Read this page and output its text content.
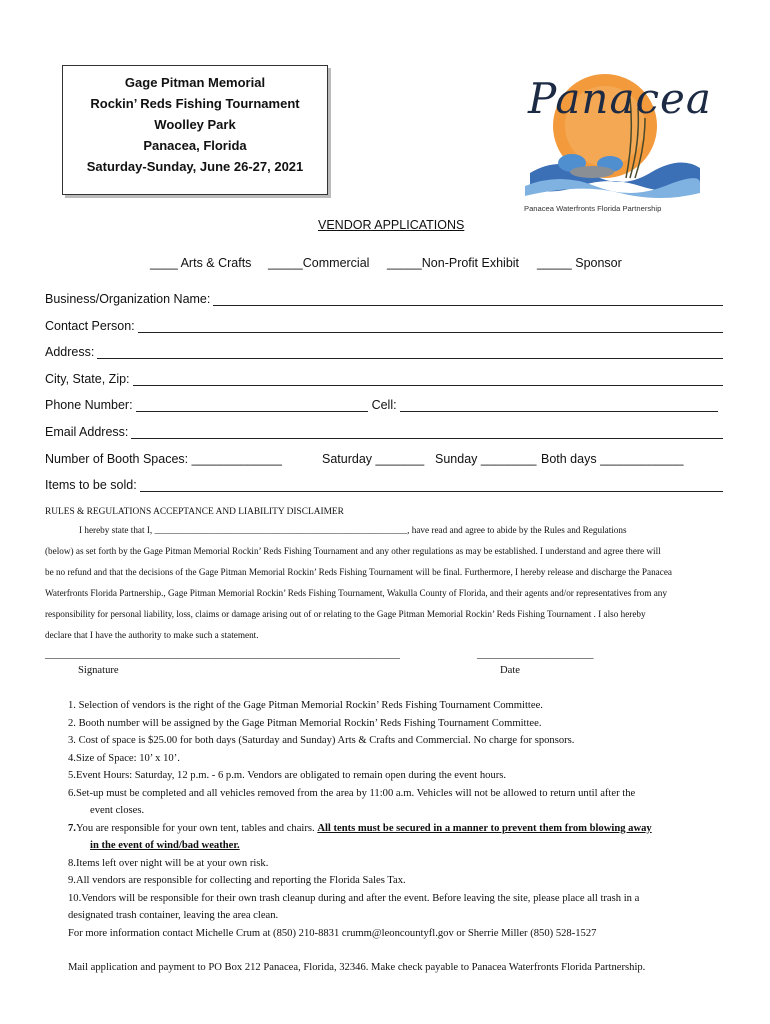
Gage Pitman Memorial
Rockin’ Reds Fishing Tournament
Woolley Park
Panacea, Florida
Saturday-Sunday, June 26-27, 2021
Panacea
Panacea Waterfronts Florida Partnership
VENDOR APPLICATIONS
____ Arts & Crafts _____Commercial _____Non-Profit Exhibit _____ Sponsor
Business/Organization Name:
Contact Person:
Address:
City, State, Zip:
Phone Number:	Cell:
Email Address:
Number of Booth Spaces: _____________	Saturday _______ Sunday ________ Both days ____________
Items to be sold:
RULES & REGULATIONS ACCEPTANCE AND LIABILITY DISCLAIMER
I hereby state that I, _______________________________________________________, have read and agree to abide by the Rules and Regulations
(below) as set forth by the Gage Pitman Memorial Rockin’ Reds Fishing Tournament and any other regulations as may be established. I understand and agree there will
be no refund and that the decisions of the Gage Pitman Memorial Rockin’ Reds Fishing Tournament will be final. Furthermore, I hereby release and discharge the Panacea
Waterfronts Florida Partnership., Gage Pitman Memorial Rockin’ Reds Fishing Tournament, Wakulla County of Florida, and their agents and/or representatives from any
responsibility for personal liability, loss, claims or damage arising out of or relating to the Gage Pitman Memorial Rockin’ Reds Fishing Tournament . I also hereby
declare that I have the authority to make such a statement.
___________________________________________________________________	______________________
Signature	Date
1. Selection of vendors is the right of the Gage Pitman Memorial Rockin’ Reds Fishing Tournament Committee.
2. Booth number will be assigned by the Gage Pitman Memorial Rockin’ Reds Fishing Tournament Committee.
3. Cost of space is $25.00 for both days (Saturday and Sunday) Arts & Crafts and Commercial. No charge for sponsors.
4.Size of Space: 10’ x 10’.
5.Event Hours: Saturday, 12 p.m. - 6 p.m. Vendors are obligated to remain open during the event hours.
6.Set-up must be completed and all vehicles removed from the area by 11:00 a.m. Vehicles will not be allowed to return until after the
event closes.
7.You are responsible for your own tent, tables and chairs. All tents must be secured in a manner to prevent them from blowing away
in the event of wind/bad weather.
8.Items left over night will be at your own risk.
9.All vendors are responsible for collecting and reporting the Florida Sales Tax.
10.Vendors will be responsible for their own trash cleanup during and after the event. Before leaving the site, please place all trash in a
designated trash container, leaving the area clean.
For more information contact Michelle Crum at (850) 210-8831 crumm@leoncountyfl.gov or Sherrie Miller (850) 528-1527
Mail application and payment to PO Box 212 Panacea, Florida, 32346. Make check payable to Panacea Waterfronts Florida Partnership.
